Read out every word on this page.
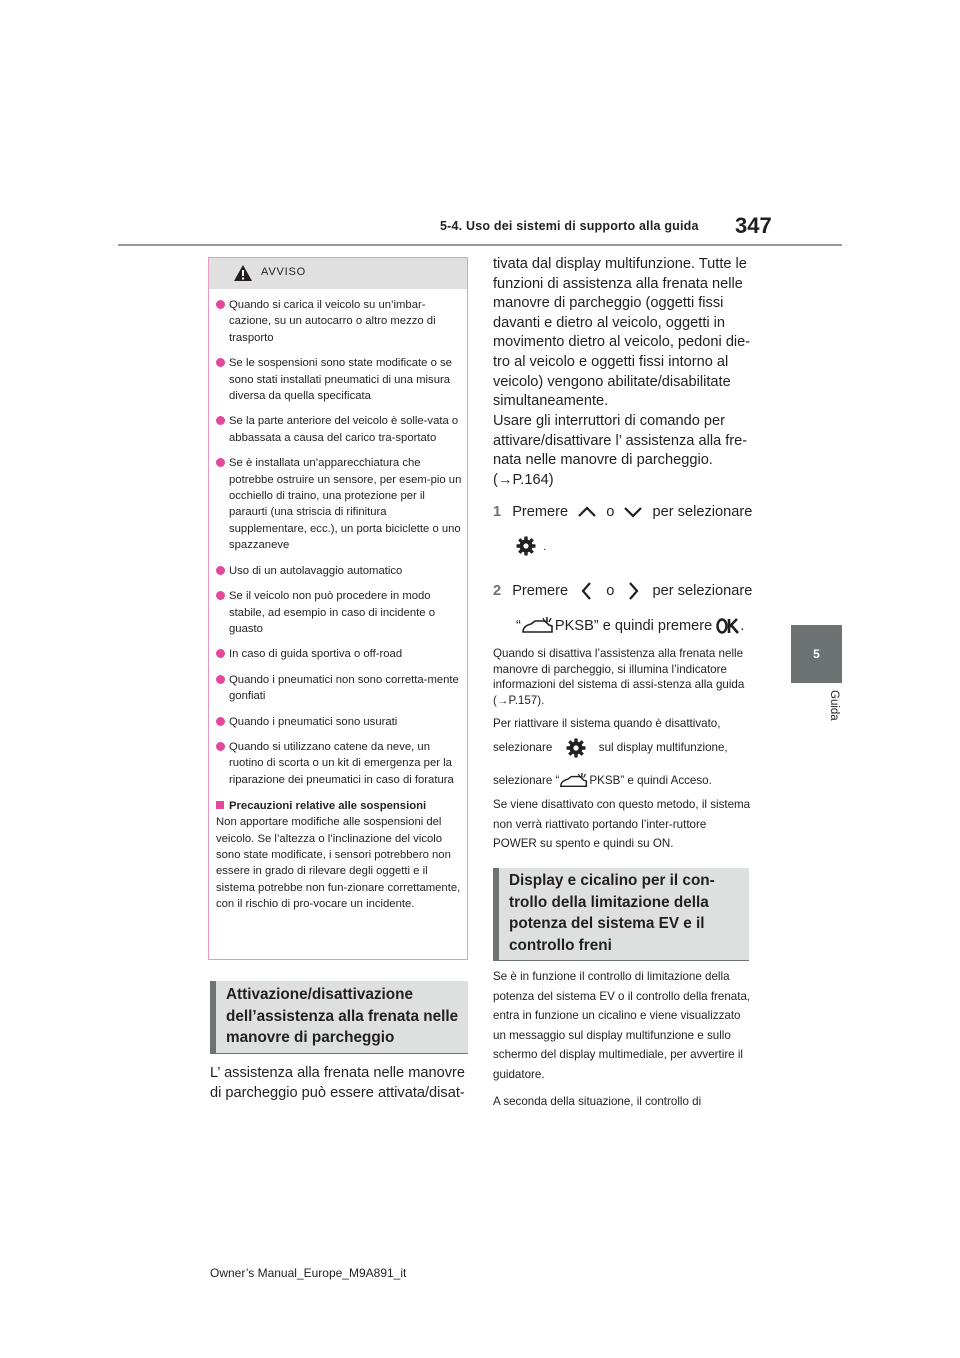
5-4. Uso dei sistemi di supporto alla guida 347
5
Guida
AVVISO
Quando si carica il veicolo su un’imbar-cazione, su un autocarro o altro mezzo di trasporto
Se le sospensioni sono state modificate o se sono stati installati pneumatici di una misura diversa da quella specificata
Se la parte anteriore del veicolo è solle-vata o abbassata a causa del carico tra-sportato
Se è installata un’apparecchiatura che potrebbe ostruire un sensore, per esem-pio un occhiello di traino, una protezione per il paraurti (una striscia di rifinitura supplementare, ecc.), un porta biciclette o uno spazzaneve
Uso di un autolavaggio automatico
Se il veicolo non può procedere in modo stabile, ad esempio in caso di incidente o guasto
In caso di guida sportiva o off-road
Quando i pneumatici non sono corretta-mente gonfiati
Quando i pneumatici sono usurati
Quando si utilizzano catene da neve, un ruotino di scorta o un kit di emergenza per la riparazione dei pneumatici in caso di foratura
Precauzioni relative alle sospensioni
Non apportare modifiche alle sospensioni del veicolo. Se l’altezza o l’inclinazione del vicolo sono state modificate, i sensori potrebbero non essere in grado di rilevare degli oggetti e il sistema potrebbe non fun-zionare correttamente, con il rischio di pro-vocare un incidente.
Attivazione/disattivazione dell’assistenza alla frenata nelle manovre di parcheggio
L’ assistenza alla frenata nelle manovre di parcheggio può essere attivata/disat-
tivata dal display multifunzione. Tutte le funzioni di assistenza alla frenata nelle manovre di parcheggio (oggetti fissi davanti e dietro al veicolo, oggetti in movimento dietro al veicolo, pedoni die-tro al veicolo e oggetti fissi intorno al veicolo) vengono abilitate/disabilitate simultaneamente.
Usare gli interruttori di comando per attivare/disattivare l’ assistenza alla fre-nata nelle manovre di parcheggio.
(→P.164)
1 Premere	o	per selezionare
.
2 Premere	o	per selezionare
“ PKSB” e quindi premere .
Quando si disattiva l’assistenza alla frenata nelle manovre di parcheggio, si illumina l’indicatore informazioni del sistema di assi-stenza alla guida (→P.157).
Per riattivare il sistema quando è disattivato,
selezionare	sul display multifunzione,
selezionare “	PKSB” e quindi Acceso.
Se viene disattivato con questo metodo, il sistema non verrà riattivato portando l’inter-ruttore POWER su spento e quindi su ON.
Display e cicalino per il con-trollo della limitazione della potenza del sistema EV e il controllo freni
Se è in funzione il controllo di limitazione della potenza del sistema EV o il controllo della frenata, entra in funzione un cicalino e viene visualizzato un messaggio sul display multifunzione e sullo schermo del display multimediale, per avvertire il guidatore.
A seconda della situazione, il controllo di
Owner’s Manual_Europe_M9A891_it
